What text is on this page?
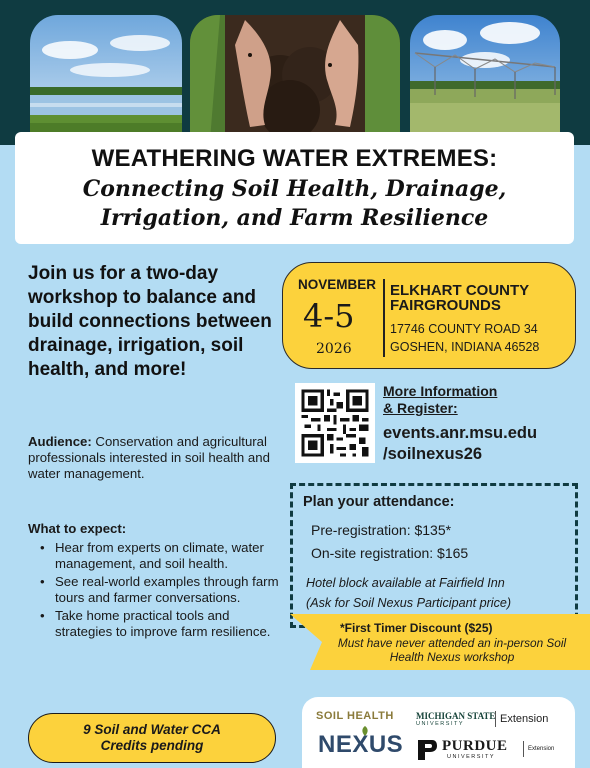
WEATHERING WATER EXTREMES:
Connecting Soil Health, Drainage,
Irrigation, and Farm Resilience
Join us for a two-day workshop to balance and build connections between drainage, irrigation, soil health, and more!
Audience: Conservation and agricultural professionals interested in soil health and water management.
What to expect:
• Hear from experts on climate, water management, and soil health.
• See real-world examples through farm tours and farmer conversations.
• Take home practical tools and strategies to improve farm resilience.
9 Soil and Water CCA
Credits pending
NOVEMBER
4-5
2026
ELKHART COUNTY
FAIRGROUNDS
17746 COUNTY ROAD 34
GOSHEN, INDIANA 46528
More Information
& Register:
events.anr.msu.edu
/soilnexus26
Plan your attendance:
Pre-registration: $135*
On-site registration: $165
Hotel block available at Fairfield Inn
(Ask for Soil Nexus Participant price)
*First Timer Discount ($25)
Must have never attended an in-person Soil Health Nexus workshop
SOIL HEALTH
NEXUS
MICHIGAN STATE
UNIVERSITY	Extension
PURDUE
UNIVERSITY
Extension
